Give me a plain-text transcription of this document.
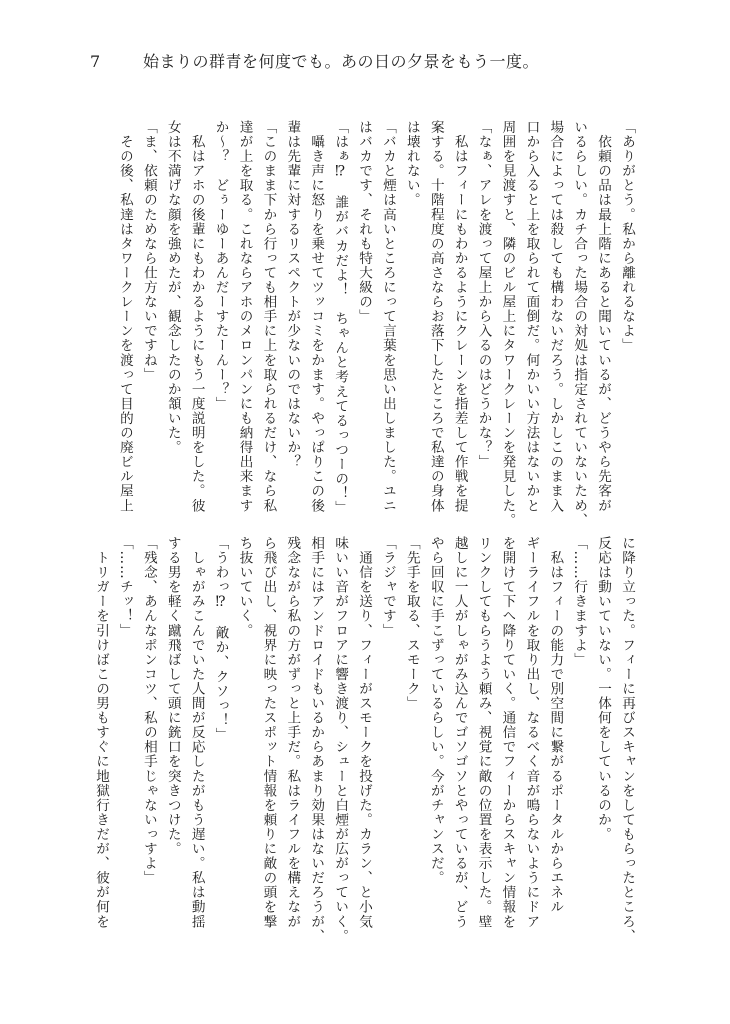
7	始まりの群青を何度でも。あの日の夕景をもう一度。

「ありがとう。私から離れるなよ」

　依頼の品は最上階にあると聞いているが、どうやら先客が

いるらしい。カチ合った場合の対処は指定されていないため、

場合によっては殺しても構わないだろう。しかしこのまま入

口から入ると上を取られて面倒だ。何かいい方法はないかと

周囲を見渡すと、隣のビル屋上にタワークレーンを発見した。

「なぁ、アレを渡って屋上から入るのはどうかな？」

　私はフィーにもわかるようにクレーンを指差して作戦を提

案する。十階程度の高さならお落下したところで私達の身体

は壊れない。

「バカと煙は高いところにって言葉を思い出しました。ユニ

はバカです、それも特大級の」

「はぁ⁉　誰がバカだよ！　ちゃんと考えてるっつーの！」

　囁き声に怒りを乗せてツッコミをかます。やっぱりこの後

輩は先輩に対するリスペクトが少ないのではないか？

「このまま下から行っても相手に上を取られるだけ、なら私

達が上を取る。これならアホのメロンパンにも納得出来ます

か〜？　どぅーゆーあんだーすたーんー？」

　私はアホの後輩にもわかるようにもう一度説明をした。彼

女は不満げな顔を強めたが、観念したのか頷いた。

「ま、依頼のためなら仕方ないですね」

　その後、私達はタワークレーンを渡って目的の廃ビル屋上

に降り立った。フィーに再びスキャンをしてもらったところ、

反応は動いていない。一体何をしているのか。

「……行きますよ」

　私はフィーの能力で別空間に繋がるポータルからエネル

ギーライフルを取り出し、なるべく音が鳴らないようにドア

を開けて下へ降りていく。通信でフィーからスキャン情報を

リンクしてもらうよう頼み、視覚に敵の位置を表示した。壁

越しに一人がしゃがみ込んでゴソゴソとやっているが、どう

やら回収に手こずっているらしい。今がチャンスだ。

「先手を取る、スモーク」

「ラジャです」

　通信を送り、フィーがスモークを投げた。カラン、と小気

味いい音がフロアに響き渡り、シューと白煙が広がっていく。

相手にはアンドロイドもいるからあまり効果はないだろうが、

残念ながら私の方がずっと上手だ。私はライフルを構えなが

ら飛び出し、視界に映ったスポット情報を頼りに敵の頭を撃

ち抜いていく。

「うわっ⁉　敵か、クソっ！」

　しゃがみこんでいた人間が反応したがもう遅い。私は動揺

する男を軽く蹴飛ばして頭に銃口を突きつけた。

「残念、あんなポンコツ、私の相手じゃないっすよ」

「……チッ！」

　トリガーを引けばこの男もすぐに地獄行きだが、彼が何を
